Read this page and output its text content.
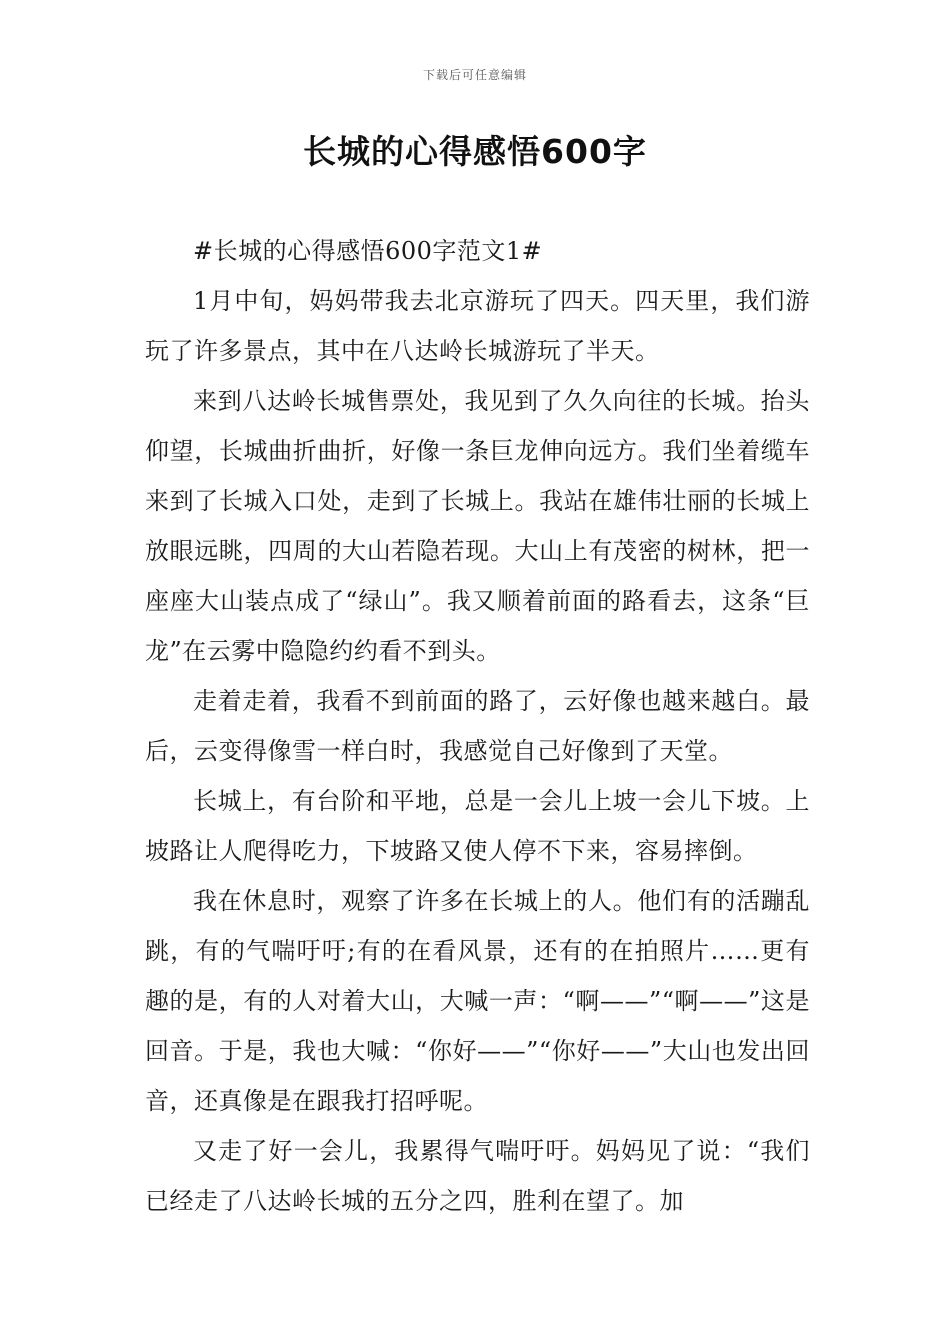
下载后可任意编辑
长城的心得感悟600字

#长城的心得感悟600字范文1#

1月中旬，妈妈带我去北京游玩了四天。四天里，我们游玩了许多景点，其中在八达岭长城游玩了半天。

来到八达岭长城售票处，我见到了久久向往的长城。抬头仰望，长城曲折曲折，好像一条巨龙伸向远方。我们坐着缆车来到了长城入口处，走到了长城上。我站在雄伟壮丽的长城上放眼远眺，四周的大山若隐若现。大山上有茂密的树林，把一座座大山装点成了“绿山”。我又顺着前面的路看去，这条“巨龙”在云雾中隐隐约约看不到头。

走着走着，我看不到前面的路了，云好像也越来越白。最后，云变得像雪一样白时，我感觉自己好像到了天堂。

长城上，有台阶和平地，总是一会儿上坡一会儿下坡。上坡路让人爬得吃力，下坡路又使人停不下来，容易摔倒。

我在休息时，观察了许多在长城上的人。他们有的活蹦乱跳，有的气喘吁吁;有的在看风景，还有的在拍照片……更有趣的是，有的人对着大山，大喊一声：“啊——”“啊——”这是回音。于是，我也大喊：“你好——”“你好——”大山也发出回音，还真像是在跟我打招呼呢。

又走了好一会儿，我累得气喘吁吁。妈妈见了说：“我们已经走了八达岭长城的五分之四，胜利在望了。加
